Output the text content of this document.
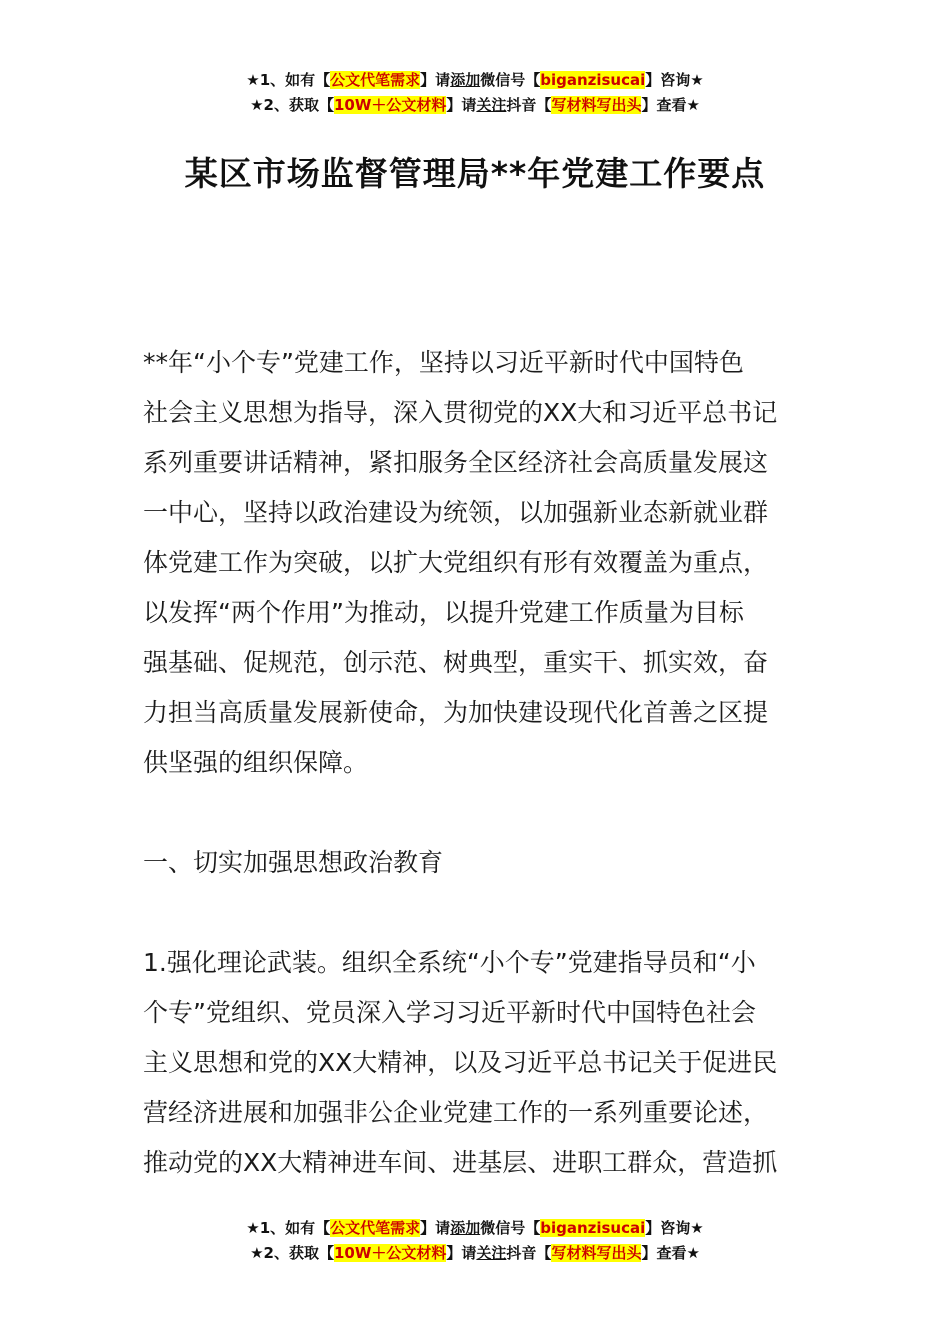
★1、如有【公文代笔需求】请添加微信号【biganzisucai】咨询★
★2、获取【10W＋公文材料】请关注抖音【写材料写出头】查看★
某区市场监督管理局**年党建工作要点
**年“小个专”党建工作，坚持以习近平新时代中国特色
社会主义思想为指导，深入贯彻党的XX大和习近平总书记
系列重要讲话精神，紧扣服务全区经济社会高质量发展这
一中心，坚持以政治建设为统领，以加强新业态新就业群
体党建工作为突破，以扩大党组织有形有效覆盖为重点，
以发挥“两个作用”为推动，以提升党建工作质量为目标
强基础、促规范，创示范、树典型，重实干、抓实效，奋
力担当高质量发展新使命，为加快建设现代化首善之区提
供坚强的组织保障。
一、切实加强思想政治教育
1.强化理论武装。组织全系统“小个专”党建指导员和“小
个专”党组织、党员深入学习习近平新时代中国特色社会
主义思想和党的XX大精神，以及习近平总书记关于促进民
营经济进展和加强非公企业党建工作的一系列重要论述，
推动党的XX大精神进车间、进基层、进职工群众，营造抓
★1、如有【公文代笔需求】请添加微信号【biganzisucai】咨询★
★2、获取【10W＋公文材料】请关注抖音【写材料写出头】查看★
